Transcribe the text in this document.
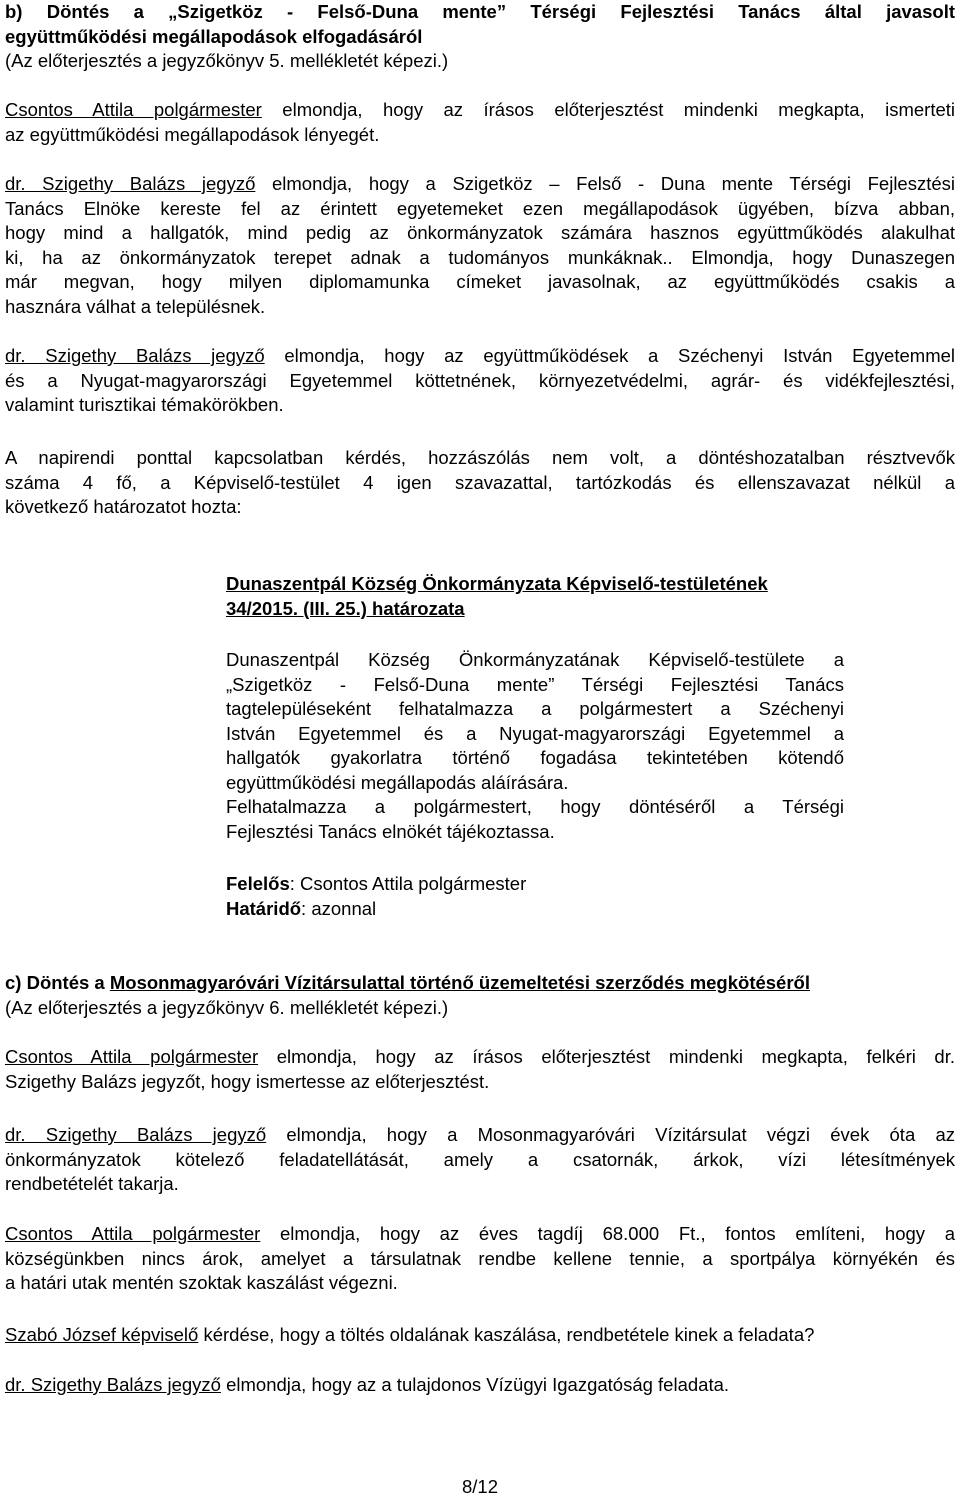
b) Döntés a „Szigetköz - Felső-Duna mente” Térségi Fejlesztési Tanács által javasolt
együttműködési megállapodások elfogadásáról
(Az előterjesztés a jegyzőkönyv 5. mellékletét képezi.)
Csontos Attila polgármester elmondja, hogy az írásos előterjesztést mindenki megkapta, ismerteti
az együttműködési megállapodások lényegét.
dr. Szigethy Balázs jegyző elmondja, hogy a Szigetköz – Felső - Duna mente Térségi Fejlesztési
Tanács Elnöke kereste fel az érintett egyetemeket ezen megállapodások ügyében, bízva abban,
hogy mind a hallgatók, mind pedig az önkormányzatok számára hasznos együttműködés alakulhat
ki, ha az önkormányzatok terepet adnak a tudományos munkáknak.. Elmondja, hogy Dunaszegen
már megvan, hogy milyen diplomamunka címeket javasolnak, az együttműködés csakis a
hasznára válhat a településnek.
dr. Szigethy Balázs jegyző elmondja, hogy az együttműködések a Széchenyi István Egyetemmel
és a Nyugat-magyarországi Egyetemmel köttetnének, környezetvédelmi, agrár- és vidékfejlesztési,
valamint turisztikai témakörökben.
A napirendi ponttal kapcsolatban kérdés, hozzászólás nem volt, a döntéshozatalban résztvevők
száma 4 fő, a Képviselő-testület 4 igen szavazattal, tartózkodás és ellenszavazat nélkül a
következő határozatot hozta:
Dunaszentpál Község Önkormányzata Képviselő-testületének
34/2015. (III. 25.) határozata
Dunaszentpál Község Önkormányzatának Képviselő-testülete a
„Szigetköz - Felső-Duna mente” Térségi Fejlesztési Tanács
tagtelepüléseként felhatalmazza a polgármestert a Széchenyi
István Egyetemmel és a Nyugat-magyarországi Egyetemmel a
hallgatók gyakorlatra történő fogadása tekintetében kötendő
együttműködési megállapodás aláírására.
Felhatalmazza a polgármestert, hogy döntéséről a Térségi
Fejlesztési Tanács elnökét tájékoztassa.
Felelős: Csontos Attila polgármester
Határidő: azonnal
c) Döntés a Mosonmagyaróvári Vízitársulattal történő üzemeltetési szerződés megkötéséről
(Az előterjesztés a jegyzőkönyv 6. mellékletét képezi.)
Csontos Attila polgármester elmondja, hogy az írásos előterjesztést mindenki megkapta, felkéri dr.
Szigethy Balázs jegyzőt, hogy ismertesse az előterjesztést.
dr. Szigethy Balázs jegyző elmondja, hogy a Mosonmagyaróvári Vízitársulat végzi évek óta az
önkormányzatok kötelező feladatellátását, amely a csatornák, árkok, vízi létesítmények
rendbetételét takarja.
Csontos Attila polgármester elmondja, hogy az éves tagdíj 68.000 Ft., fontos említeni, hogy a
községünkben nincs árok, amelyet a társulatnak rendbe kellene tennie, a sportpálya környékén és
a határi utak mentén szoktak kaszálást végezni.
Szabó József képviselő kérdése, hogy a töltés oldalának kaszálása, rendbetétele kinek a feladata?
dr. Szigethy Balázs jegyző elmondja, hogy az a tulajdonos Vízügyi Igazgatóság feladata.
8/12
